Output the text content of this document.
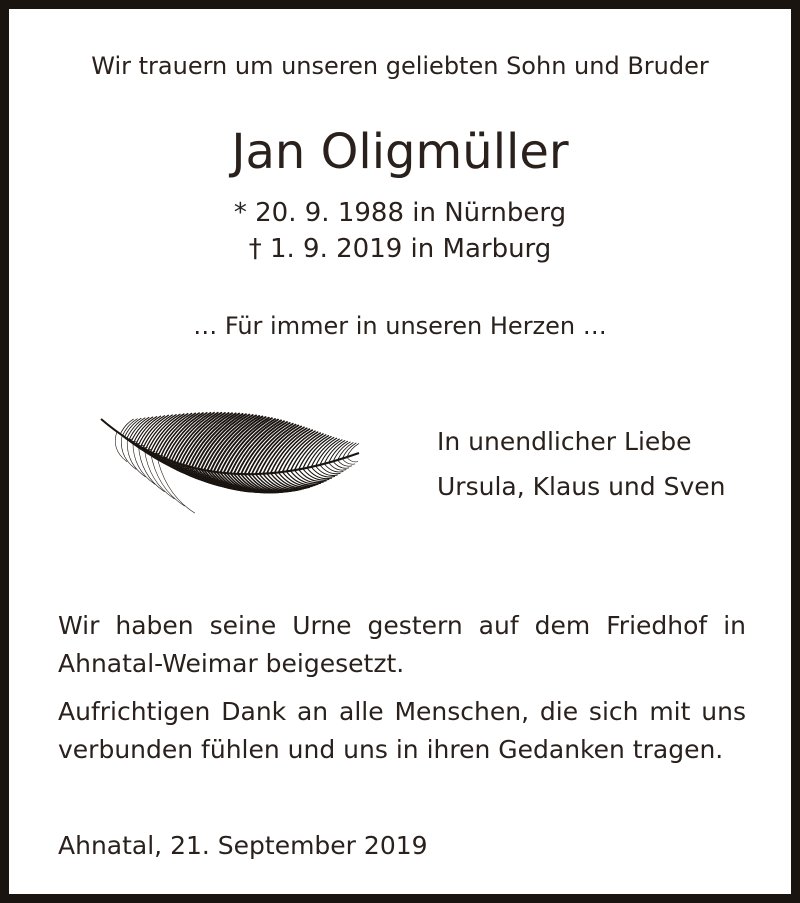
Wir trauern um unseren geliebten Sohn und Bruder
Jan Oligmüller
* 20. 9. 1988 in Nürnberg
† 1. 9. 2019 in Marburg
… Für immer in unseren Herzen …
In unendlicher Liebe
Ursula, Klaus und Sven
Wir haben seine Urne gestern auf dem Friedhof in Ahnatal-Weimar beigesetzt.
Aufrichtigen Dank an alle Menschen, die sich mit uns verbunden fühlen und uns in ihren Gedanken tragen.
Ahnatal, 21. September 2019
